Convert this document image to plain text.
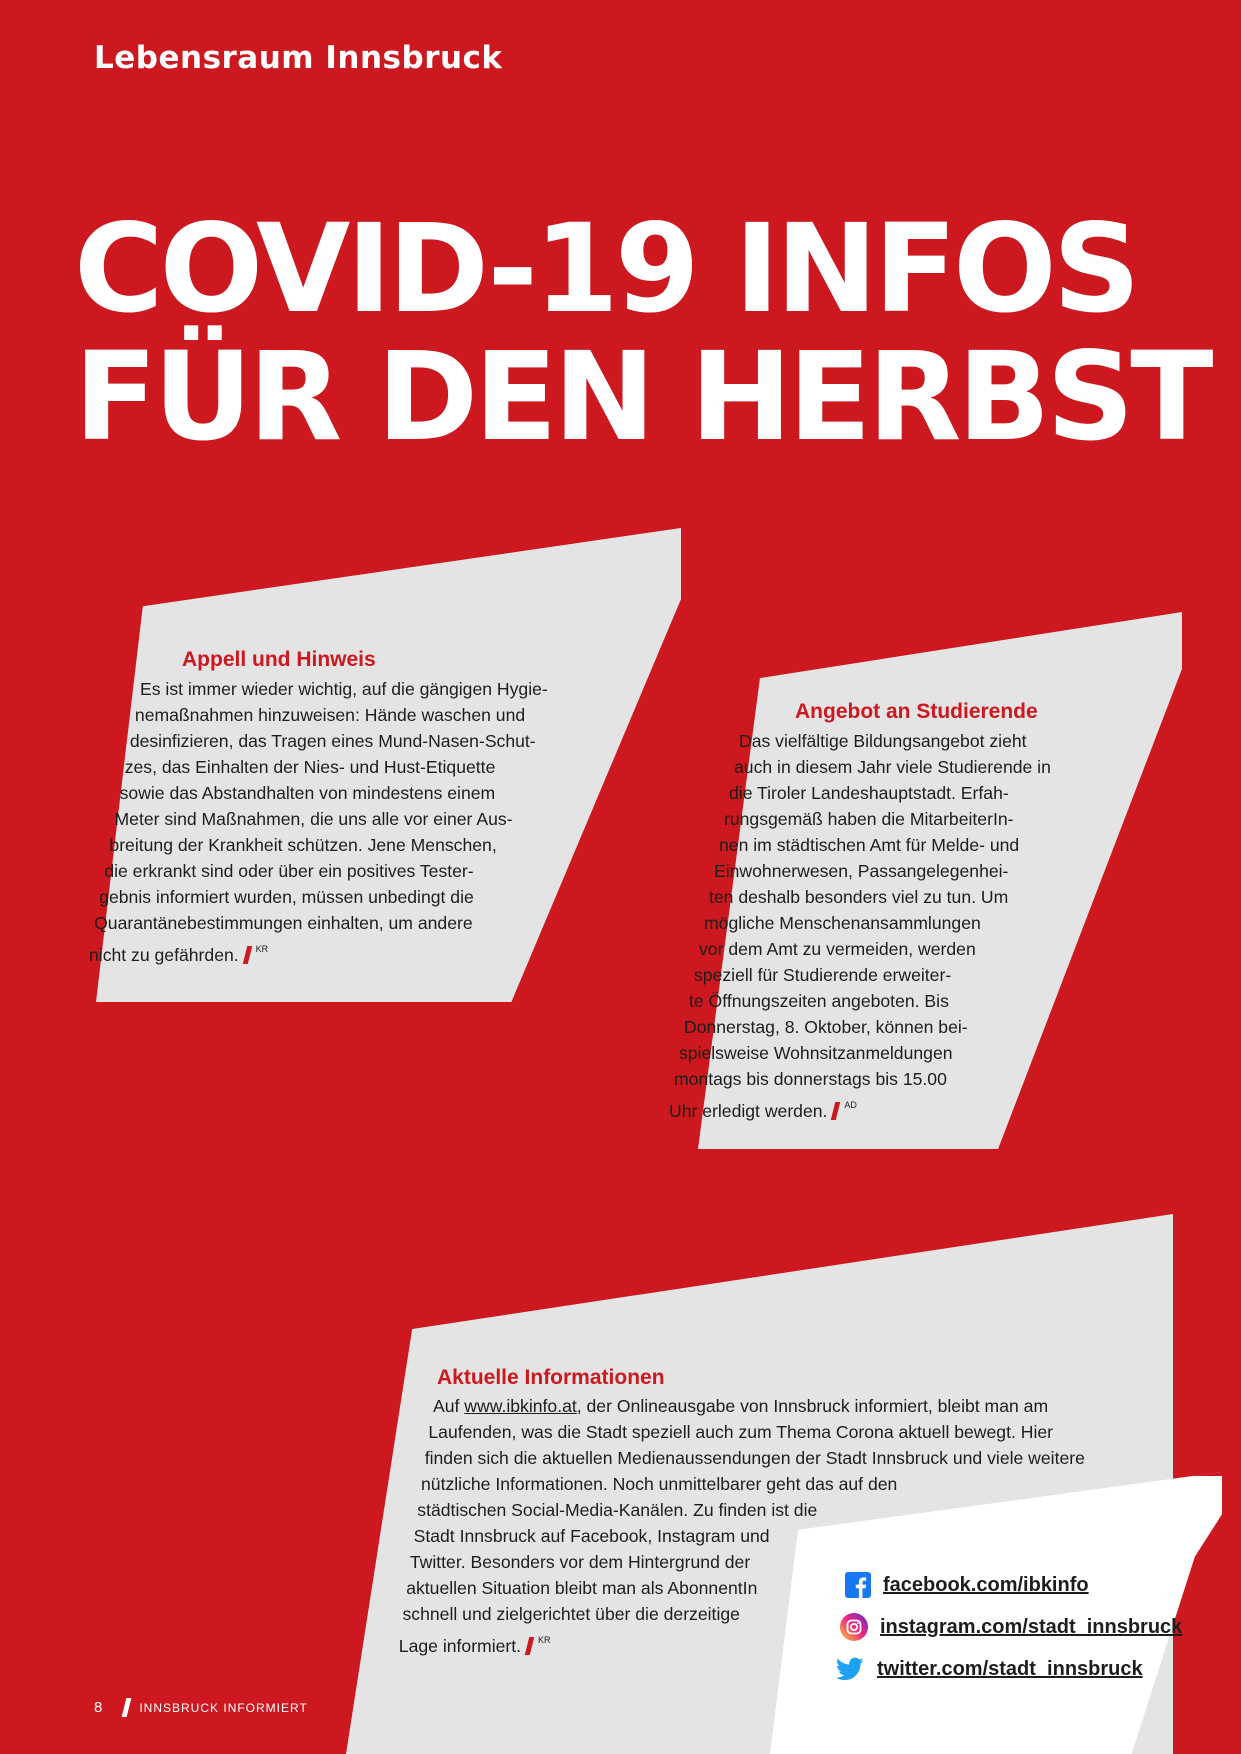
Lebensraum Innsbruck
COVID-19 INFOS
FÜR DEN HERBST
Appell und Hinweis
Es ist immer wieder wichtig, auf die gängigen Hygie-
nemaßnahmen hinzuweisen: Hände waschen und
desinfizieren, das Tragen eines Mund-Nasen-Schut-
zes, das Einhalten der Nies- und Hust-Etiquette
sowie das Abstandhalten von mindestens einem
Meter sind Maßnahmen, die uns alle vor einer Aus-
breitung der Krankheit schützen. Jene Menschen,
die erkrankt sind oder über ein positives Tester-
gebnis informiert wurden, müssen unbedingt die
Quarantänebestimmungen einhalten, um andere
nicht zu gefährden. $^{KR}$
Angebot an Studierende
Das vielfältige Bildungsangebot zieht
auch in diesem Jahr viele Studierende in
die Tiroler Landeshauptstadt. Erfah-
rungsgemäß haben die MitarbeiterIn-
nen im städtischen Amt für Melde- und
Einwohnerwesen, Passangelegenhei-
ten deshalb besonders viel zu tun. Um
mögliche Menschenansammlungen
vor dem Amt zu vermeiden, werden
speziell für Studierende erweiter-
te Öffnungszeiten angeboten. Bis
Donnerstag, 8. Oktober, können bei-
spielsweise Wohnsitzanmeldungen
montags bis donnerstags bis 15.00
Uhr erledigt werden. $^{AD}$
Aktuelle Informationen
Auf www.ibkinfo.at, der Onlineausgabe von Innsbruck informiert, bleibt man am
Laufenden, was die Stadt speziell auch zum Thema Corona aktuell bewegt. Hier
finden sich die aktuellen Medienaussendungen der Stadt Innsbruck und viele weitere
nützliche Informationen. Noch unmittelbarer geht das auf den
städtischen Social-Media-Kanälen. Zu finden ist die
Stadt Innsbruck auf Facebook, Instagram und
Twitter. Besonders vor dem Hintergrund der
aktuellen Situation bleibt man als AbonnentIn
schnell und zielgerichtet über die derzeitige
Lage informiert. $^{KR}$
facebook.com/ibkinfo
instagram.com/stadt_innsbruck
twitter.com/stadt_innsbruck
8	INNSBRUCK INFORMIERT
